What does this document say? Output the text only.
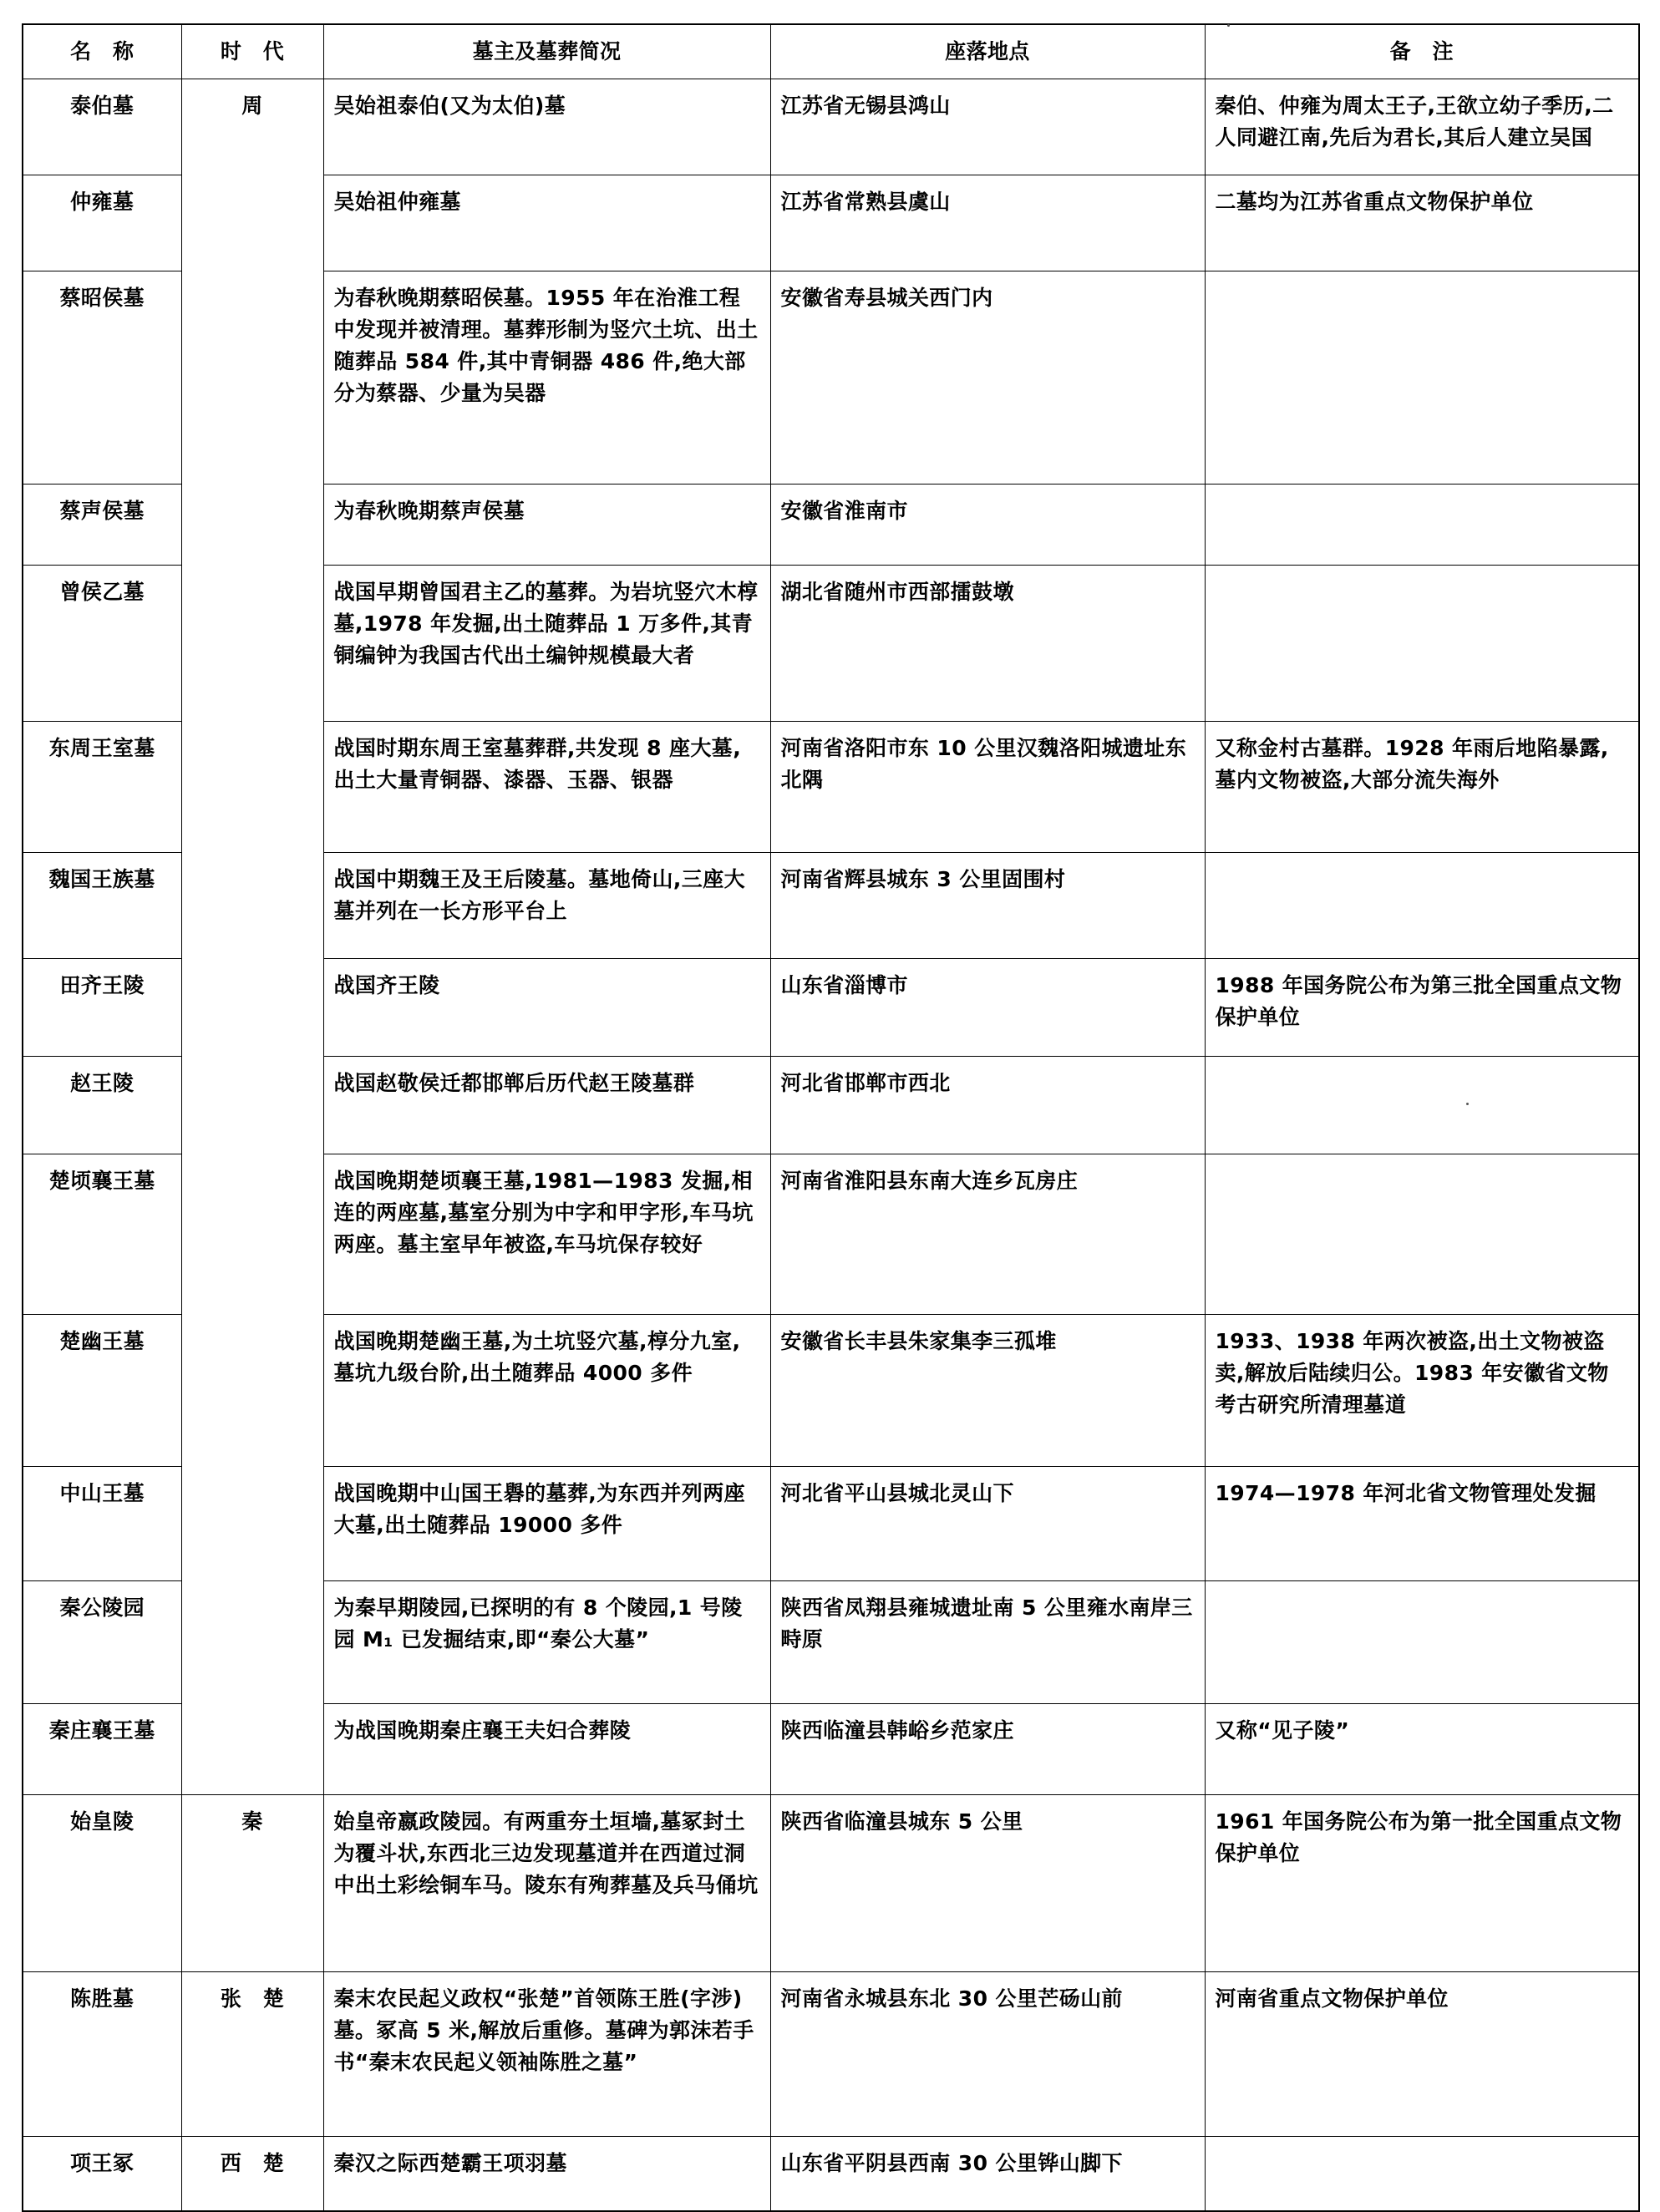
名　称	时　代	墓主及墓葬简况	座落地点	备　注

泰伯墓	周	吴始祖泰伯(又为太伯)墓	江苏省无锡县鸿山	秦伯、仲雍为周太王子,王欲立幼子季历,二人同避江南,先后为君长,其后人建立吴国
仲雍墓		吴始祖仲雍墓	江苏省常熟县虞山	二墓均为江苏省重点文物保护单位
蔡昭侯墓		为春秋晚期蔡昭侯墓。1955 年在治淮工程中发现并被清理。墓葬形制为竖穴土坑、出土随葬品 584 件,其中青铜器 486 件,绝大部分为蔡器、少量为吴器	安徽省寿县城关西门内	
蔡声侯墓		为春秋晚期蔡声侯墓	安徽省淮南市	
曾侯乙墓		战国早期曾国君主乙的墓葬。为岩坑竖穴木椁墓,1978 年发掘,出土随葬品 1 万多件,其青铜编钟为我国古代出土编钟规模最大者	湖北省随州市西部擂鼓墩	
东周王室墓		战国时期东周王室墓葬群,共发现 8 座大墓,出土大量青铜器、漆器、玉器、银器	河南省洛阳市东 10 公里汉魏洛阳城遗址东北隅	又称金村古墓群。1928 年雨后地陷暴露,墓内文物被盗,大部分流失海外
魏国王族墓		战国中期魏王及王后陵墓。墓地倚山,三座大墓并列在一长方形平台上	河南省辉县城东 3 公里固围村	
田齐王陵		战国齐王陵	山东省淄博市	1988 年国务院公布为第三批全国重点文物保护单位
赵王陵		战国赵敬侯迁都邯郸后历代赵王陵墓群	河北省邯郸市西北	
楚顷襄王墓		战国晚期楚顷襄王墓,1981—1983 发掘,相连的两座墓,墓室分别为中字和甲字形,车马坑两座。墓主室早年被盗,车马坑保存较好	河南省淮阳县东南大连乡瓦房庄	
楚幽王墓		战国晚期楚幽王墓,为土坑竖穴墓,椁分九室,墓坑九级台阶,出土随葬品 4000 多件	安徽省长丰县朱家集李三孤堆	1933、1938 年两次被盗,出土文物被盗卖,解放后陆续归公。1983 年安徽省文物考古研究所清理墓道
中山王墓		战国晚期中山国王礜的墓葬,为东西并列两座大墓,出土随葬品 19000 多件	河北省平山县城北灵山下	1974—1978 年河北省文物管理处发掘
秦公陵园		为秦早期陵园,已探明的有 8 个陵园,1 号陵园 M₁ 已发掘结束,即“秦公大墓”	陕西省凤翔县雍城遗址南 5 公里雍水南岸三畤原	
秦庄襄王墓		为战国晚期秦庄襄王夫妇合葬陵	陕西临潼县韩峪乡范家庄	又称“见子陵”
始皇陵	秦	始皇帝嬴政陵园。有两重夯土垣墙,墓冢封土为覆斗状,东西北三边发现墓道并在西道过洞中出土彩绘铜车马。陵东有殉葬墓及兵马俑坑	陕西省临潼县城东 5 公里	1961 年国务院公布为第一批全国重点文物保护单位
陈胜墓	张　楚	秦末农民起义政权“张楚”首领陈王胜(字涉)墓。冢高 5 米,解放后重修。墓碑为郭沫若手书“秦末农民起义领袖陈胜之墓”	河南省永城县东北 30 公里芒砀山前	河南省重点文物保护单位
项王冢	西　楚	秦汉之际西楚霸王项羽墓	山东省平阴县西南 30 公里铧山脚下	
